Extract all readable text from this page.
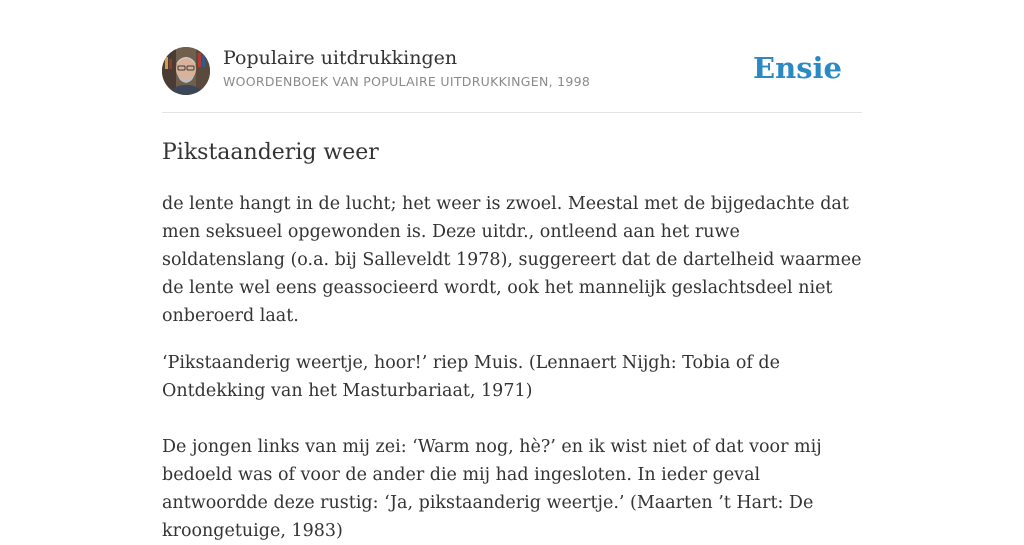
Populaire uitdrukkingen
WOORDENBOEK VAN POPULAIRE UITDRUKKINGEN, 1998	Ensie
Pikstaanderig weer

de lente hangt in de lucht; het weer is zwoel. Meestal met de bijgedachte dat men seksueel opgewonden is. Deze uitdr., ontleend aan het ruwe soldatenslang (o.a. bij Salleveldt 1978), suggereert dat de dartelheid waarmee de lente wel eens geassocieerd wordt, ook het mannelijk geslachtsdeel niet onberoerd laat.

‘Pikstaanderig weertje, hoor!’ riep Muis. (Lennaert Nijgh: Tobia of de Ontdekking van het Masturbariaat, 1971)

De jongen links van mij zei: ‘Warm nog, hè?’ en ik wist niet of dat voor mij bedoeld was of voor de ander die mij had ingesloten. In ieder geval antwoordde deze rustig: ‘Ja, pikstaanderig weertje.’ (Maarten ’t Hart: De kroongetuige, 1983)
